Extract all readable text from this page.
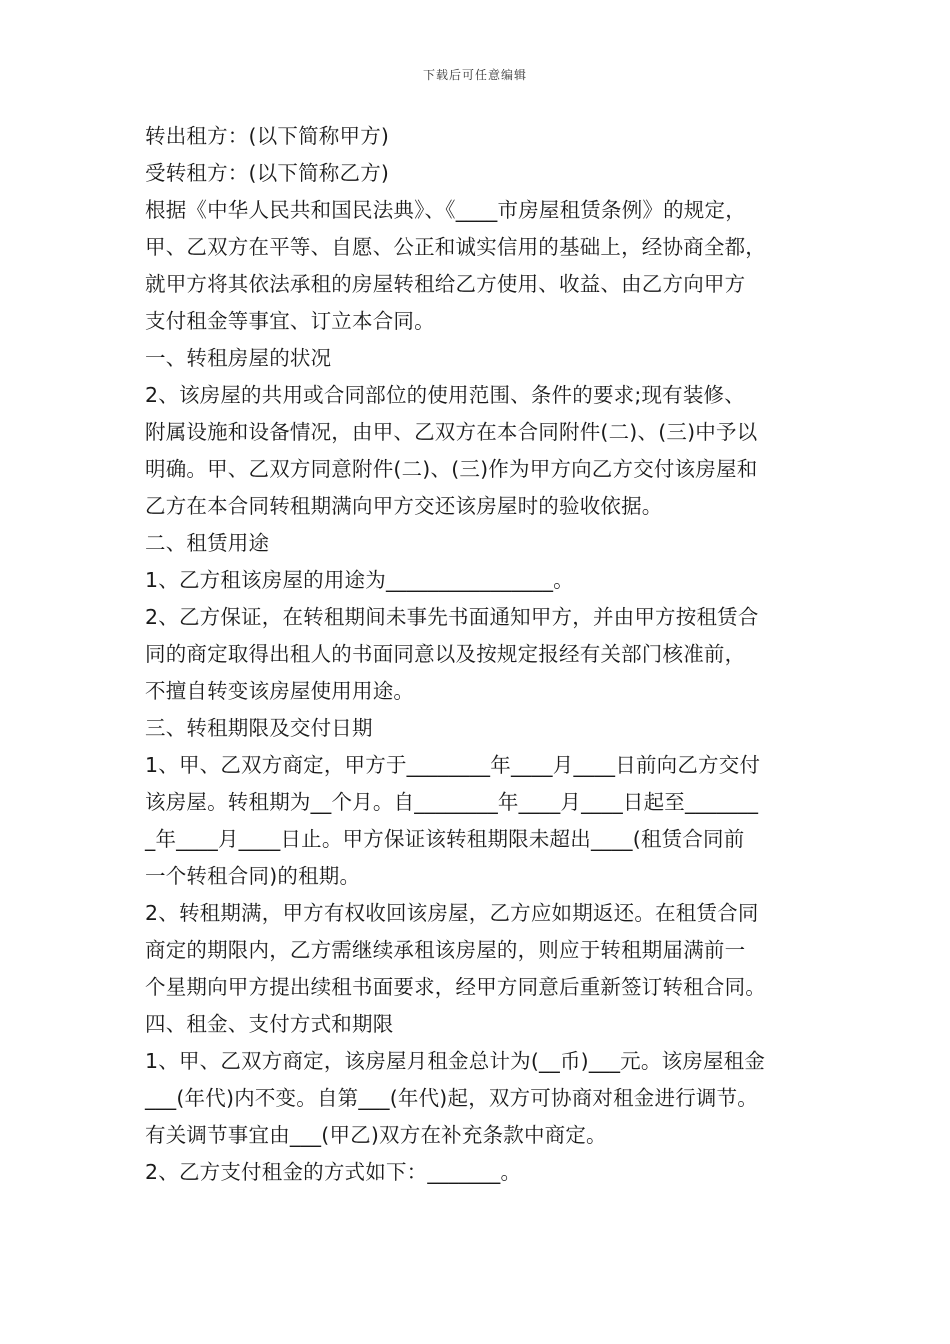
下载后可任意编辑
转出租方：(以下简称甲方)
受转租方：(以下简称乙方)
根据《中华人民共和国民法典》、《____市房屋租赁条例》的规定，
甲、乙双方在平等、自愿、公正和诚实信用的基础上，经协商全都，
就甲方将其依法承租的房屋转租给乙方使用、收益、由乙方向甲方
支付租金等事宜、订立本合同。
一、转租房屋的状况
2、该房屋的共用或合同部位的使用范围、条件的要求;现有装修、
附属设施和设备情况，由甲、乙双方在本合同附件(二)、(三)中予以
明确。甲、乙双方同意附件(二)、(三)作为甲方向乙方交付该房屋和
乙方在本合同转租期满向甲方交还该房屋时的验收依据。
二、租赁用途
1、乙方租该房屋的用途为________________。
2、乙方保证，在转租期间未事先书面通知甲方，并由甲方按租赁合
同的商定取得出租人的书面同意以及按规定报经有关部门核准前，
不擅自转变该房屋使用用途。
三、转租期限及交付日期
1、甲、乙双方商定，甲方于________年____月____日前向乙方交付
该房屋。转租期为__个月。自________年____月____日起至_______
_年____月____日止。甲方保证该转租期限未超出____(租赁合同前
一个转租合同)的租期。
2、转租期满，甲方有权收回该房屋，乙方应如期返还。在租赁合同
商定的期限内，乙方需继续承租该房屋的，则应于转租期届满前一
个星期向甲方提出续租书面要求，经甲方同意后重新签订转租合同。
四、租金、支付方式和期限
1、甲、乙双方商定，该房屋月租金总计为(__币)___元。该房屋租金
___(年代)内不变。自第___(年代)起，双方可协商对租金进行调节。
有关调节事宜由___(甲乙)双方在补充条款中商定。
2、乙方支付租金的方式如下：_______。
